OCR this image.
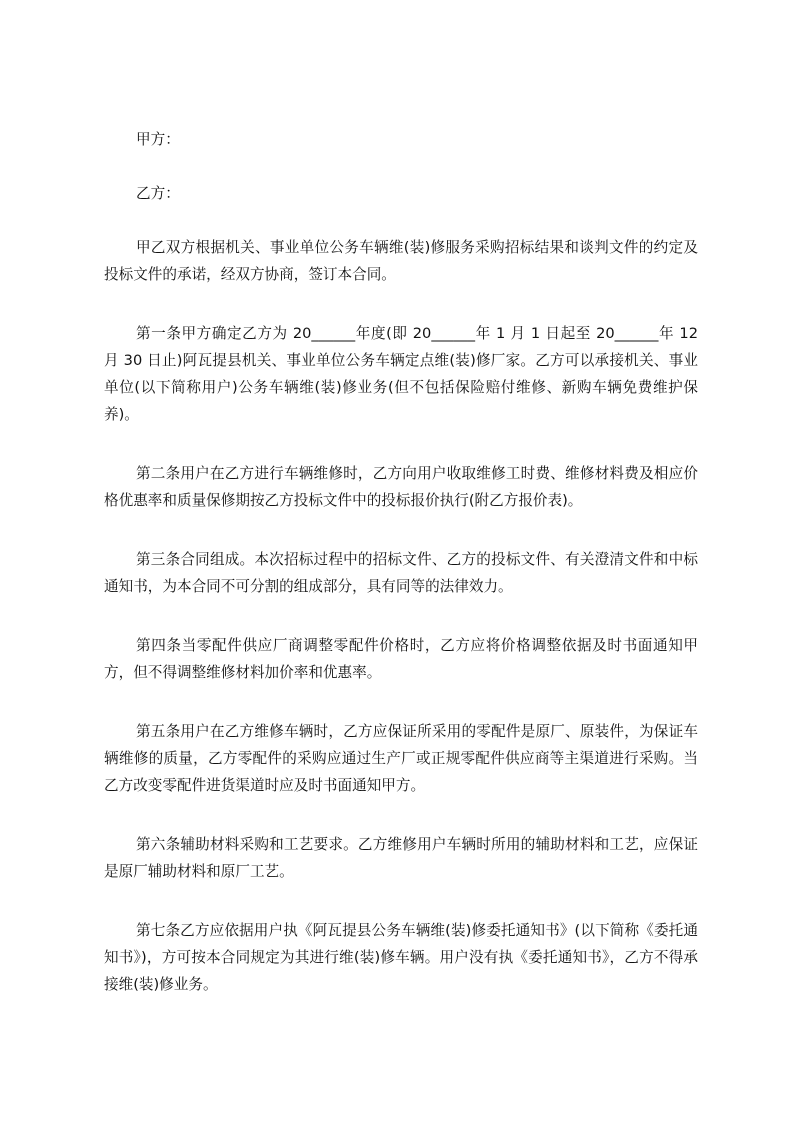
甲方：

乙方：

甲乙双方根据机关、事业单位公务车辆维(装)修服务采购招标结果和谈判文件的约定及投标文件的承诺，经双方协商，签订本合同。

第一条甲方确定乙方为 20______年度(即 20______年 1 月 1 日起至 20______年 12 月 30 日止)阿瓦提县机关、事业单位公务车辆定点维(装)修厂家。乙方可以承接机关、事业单位(以下简称用户)公务车辆维(装)修业务(但不包括保险赔付维修、新购车辆免费维护保养)。

第二条用户在乙方进行车辆维修时，乙方向用户收取维修工时费、维修材料费及相应价格优惠率和质量保修期按乙方投标文件中的投标报价执行(附乙方报价表)。

第三条合同组成。本次招标过程中的招标文件、乙方的投标文件、有关澄清文件和中标通知书，为本合同不可分割的组成部分，具有同等的法律效力。

第四条当零配件供应厂商调整零配件价格时，乙方应将价格调整依据及时书面通知甲方，但不得调整维修材料加价率和优惠率。

第五条用户在乙方维修车辆时，乙方应保证所采用的零配件是原厂、原装件，为保证车辆维修的质量，乙方零配件的采购应通过生产厂或正规零配件供应商等主渠道进行采购。当乙方改变零配件进货渠道时应及时书面通知甲方。

第六条辅助材料采购和工艺要求。乙方维修用户车辆时所用的辅助材料和工艺，应保证是原厂辅助材料和原厂工艺。

第七条乙方应依据用户执《阿瓦提县公务车辆维(装)修委托通知书》(以下简称《委托通知书》)，方可按本合同规定为其进行维(装)修车辆。用户没有执《委托通知书》，乙方不得承接维(装)修业务。
